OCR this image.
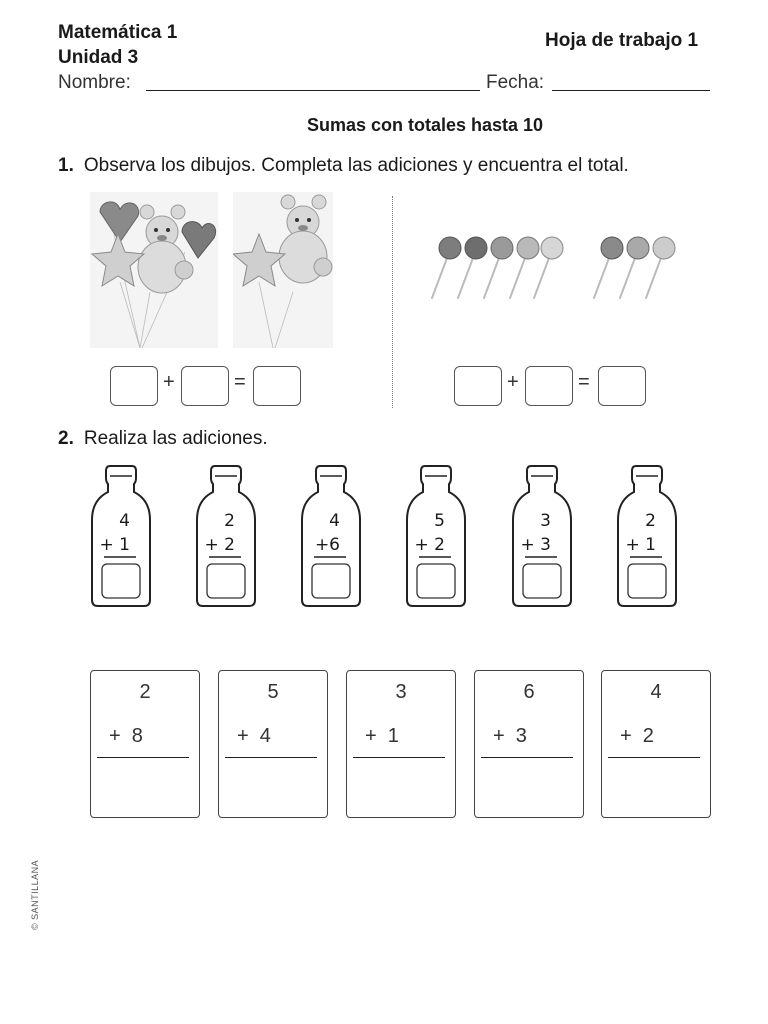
Matemática 1
Unidad 3
Hoja de trabajo 1
Nombre:	Fecha:
Sumas con totales hasta 10
1. Observa los dibujos. Completa las adiciones y encuentra el total.
+	=	+	=
2. Realiza las adiciones.
4
+ 1
2
+ 2
4
+6
5
+ 2
3
+ 3
2
+ 1
2
+  8
5
+  4
3
+  1
6
+  3
4
+  2
© SANTILLANA
